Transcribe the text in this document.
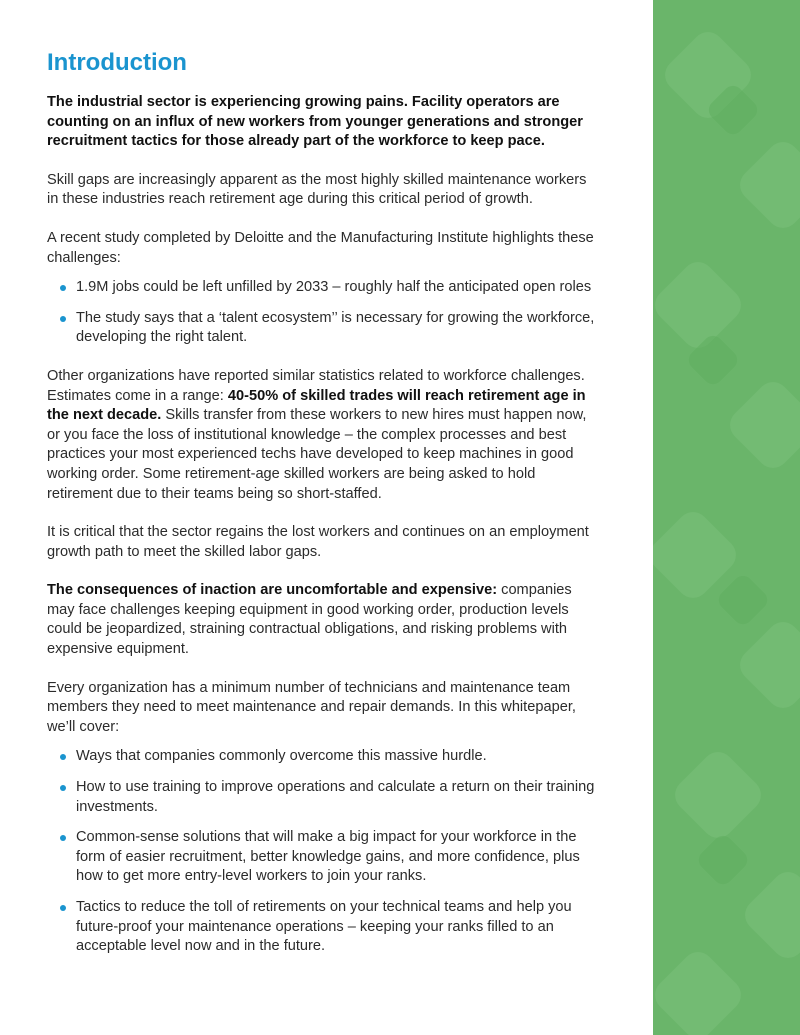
Introduction

The industrial sector is experiencing growing pains. Facility operators are counting on an influx of new workers from younger generations and stronger recruitment tactics for those already part of the workforce to keep pace.

Skill gaps are increasingly apparent as the most highly skilled maintenance workers in these industries reach retirement age during this critical period of growth.

A recent study completed by Deloitte and the Manufacturing Institute highlights these challenges:

1.9M jobs could be left unfilled by 2033 – roughly half the anticipated open roles
The study says that a ‘talent ecosystem’’ is necessary for growing the workforce, developing the right talent.

Other organizations have reported similar statistics related to workforce challenges. Estimates come in a range: 40-50% of skilled trades will reach retirement age in the next decade. Skills transfer from these workers to new hires must happen now, or you face the loss of institutional knowledge – the complex processes and best practices your most experienced techs have developed to keep machines in good working order. Some retirement-age skilled workers are being asked to hold retirement due to their teams being so short-staffed.

It is critical that the sector regains the lost workers and continues on an employment growth path to meet the skilled labor gaps.

The consequences of inaction are uncomfortable and expensive: companies may face challenges keeping equipment in good working order, production levels could be jeopardized, straining contractual obligations, and risking problems with expensive equipment.

Every organization has a minimum number of technicians and maintenance team members they need to meet maintenance and repair demands. In this whitepaper, we’ll cover:

Ways that companies commonly overcome this massive hurdle.
How to use training to improve operations and calculate a return on their training investments.
Common-sense solutions that will make a big impact for your workforce in the form of easier recruitment, better knowledge gains, and more confidence, plus how to get more entry-level workers to join your ranks.
Tactics to reduce the toll of retirements on your technical teams and help you future-proof your maintenance operations – keeping your ranks filled to an acceptable level now and in the future.
